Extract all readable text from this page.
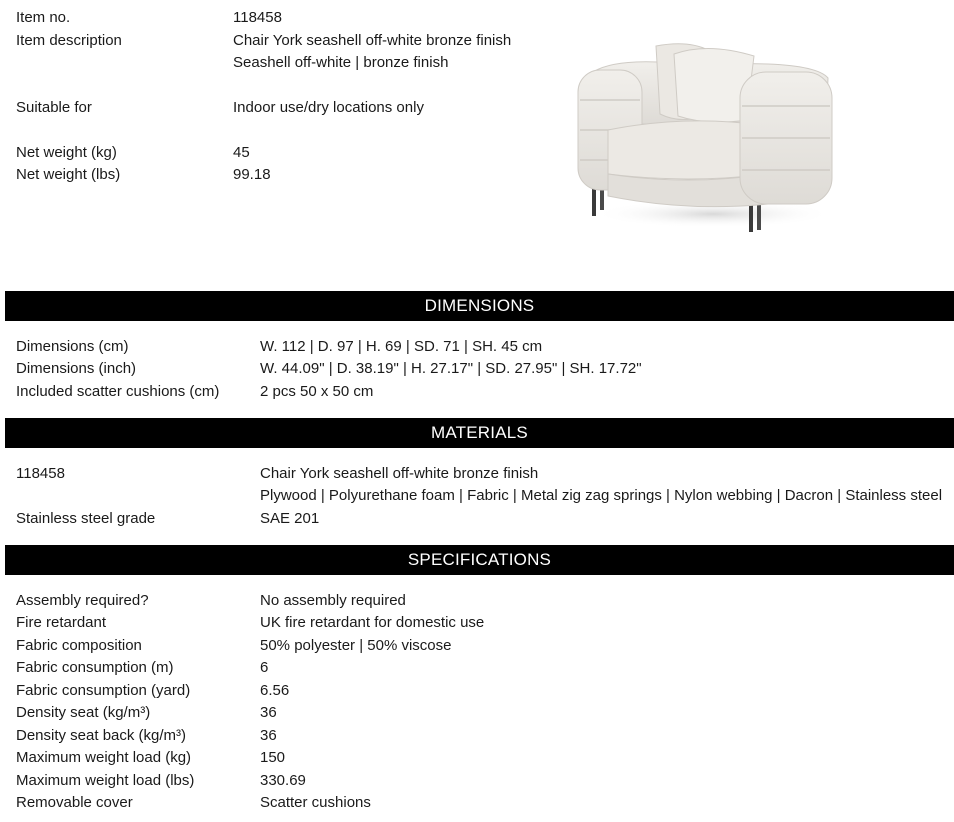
Item no.	118458
Item description	Chair York seashell off-white bronze finish
Seashell off-white | bronze finish
Suitable for	Indoor use/dry locations only
Net weight (kg)	45
Net weight (lbs)	99.18
DIMENSIONS
Dimensions (cm)	W. 112 | D. 97 | H. 69 | SD. 71 | SH. 45 cm
Dimensions (inch)	W. 44.09" | D. 38.19" | H. 27.17" | SD. 27.95" | SH. 17.72"
Included scatter cushions (cm)	2 pcs 50 x 50 cm
MATERIALS
118458	Chair York seashell off-white bronze finish
Plywood | Polyurethane foam | Fabric | Metal zig zag springs | Nylon webbing | Dacron | Stainless steel
Stainless steel grade	SAE 201
SPECIFICATIONS
Assembly required?	No assembly required
Fire retardant	UK fire retardant for domestic use
Fabric composition	50% polyester | 50% viscose
Fabric consumption (m)	6
Fabric consumption (yard)	6.56
Density seat (kg/m³)	36
Density seat back (kg/m³)	36
Maximum weight load (kg)	150
Maximum weight load (lbs)	330.69
Removable cover	Scatter cushions
